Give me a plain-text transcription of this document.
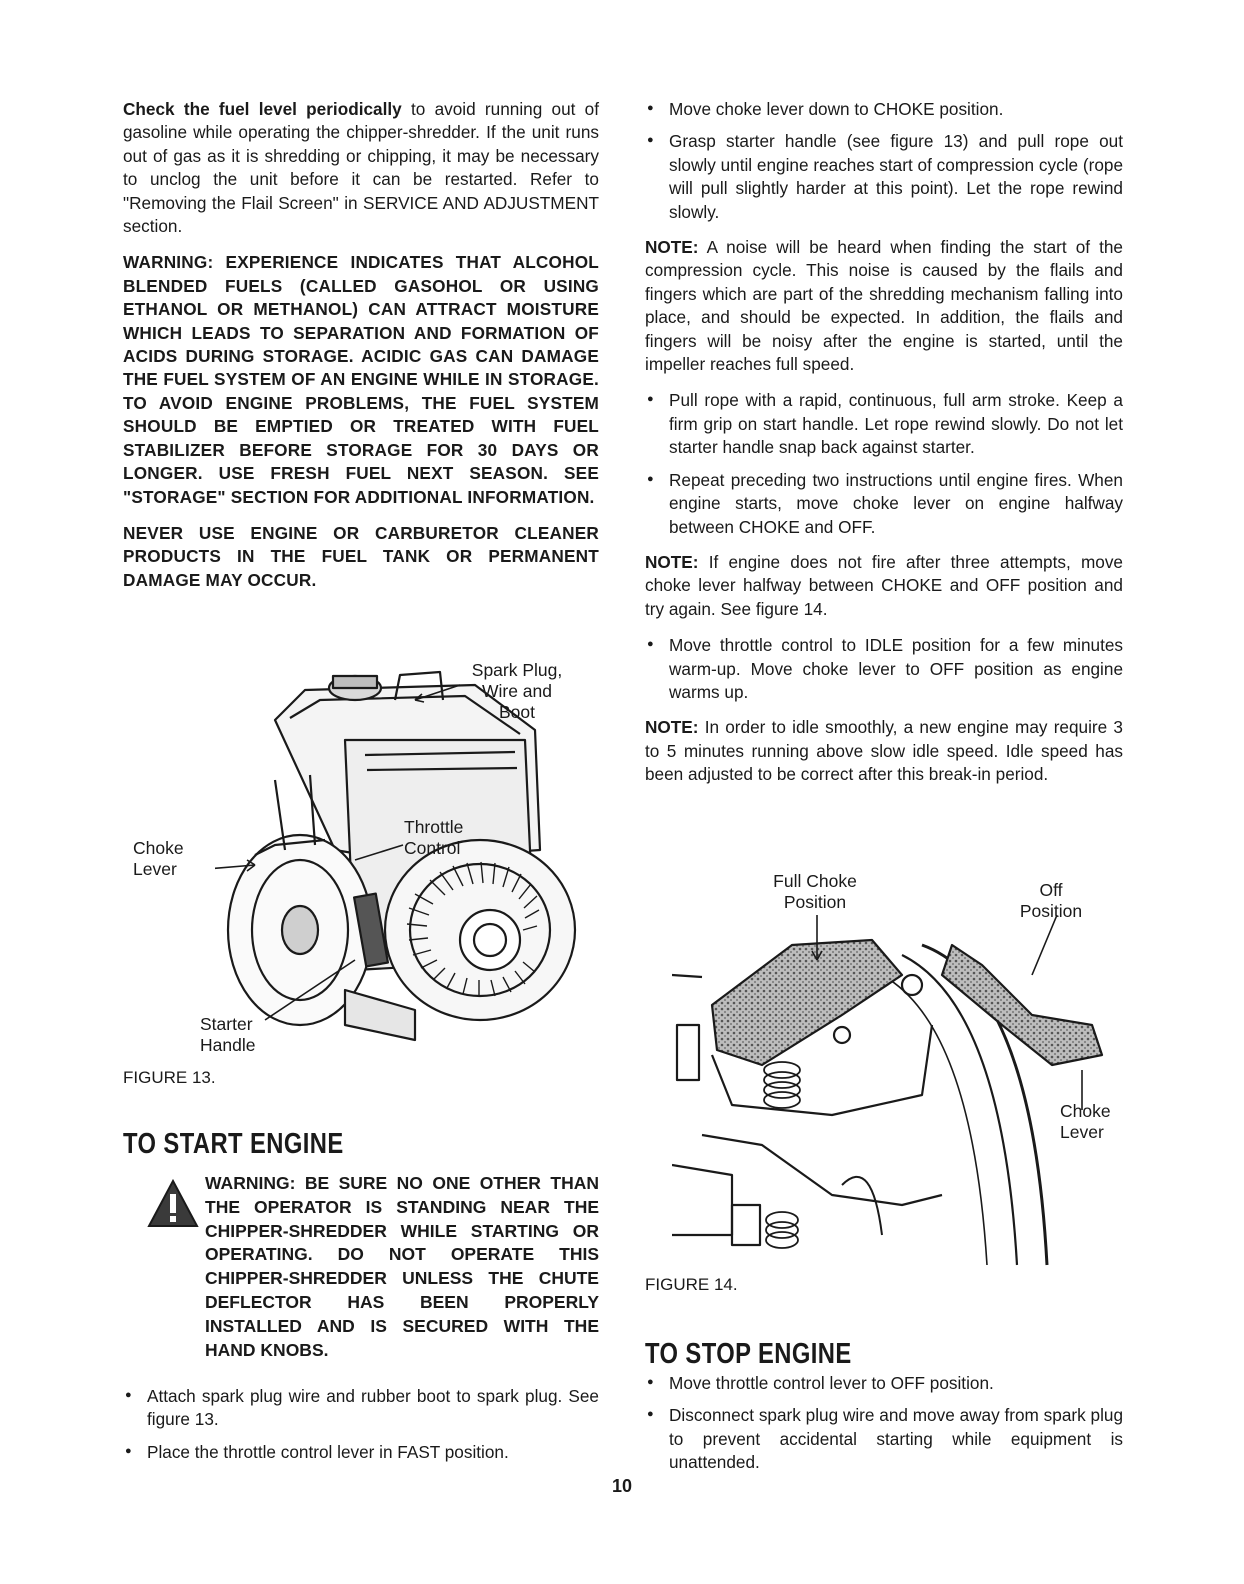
Check the fuel level periodically to avoid running out of gasoline while operating the chipper-shredder. If the unit runs out of gas as it is shredding or chipping, it may be necessary to unclog the unit before it can be restarted. Refer to "Removing the Flail Screen" in SERVICE AND ADJUSTMENT section.

WARNING: EXPERIENCE INDICATES THAT ALCOHOL BLENDED FUELS (CALLED GASOHOL OR USING ETHANOL OR METHANOL) CAN ATTRACT MOISTURE WHICH LEADS TO SEPARATION AND FORMATION OF ACIDS DURING STORAGE. ACIDIC GAS CAN DAMAGE THE FUEL SYSTEM OF AN ENGINE WHILE IN STORAGE. TO AVOID ENGINE PROBLEMS, THE FUEL SYSTEM SHOULD BE EMPTIED OR TREATED WITH FUEL STABILIZER BEFORE STORAGE FOR 30 DAYS OR LONGER. USE FRESH FUEL NEXT SEASON. SEE "STORAGE" SECTION FOR ADDITIONAL INFORMATION.

NEVER USE ENGINE OR CARBURETOR CLEANER PRODUCTS IN THE FUEL TANK OR PERMANENT DAMAGE MAY OCCUR.

Spark Plug,
Wire and
Boot
Throttle
Control
Choke
Lever
Starter
Handle
FIGURE 13.
TO START ENGINE
WARNING: BE SURE NO ONE OTHER THAN THE OPERATOR IS STANDING NEAR THE CHIPPER-SHREDDER WHILE STARTING OR OPERATING. DO NOT OPERATE THIS CHIPPER-SHREDDER UNLESS THE CHUTE DEFLECTOR HAS BEEN PROPERLY INSTALLED AND IS SECURED WITH THE HAND KNOBS.
● Attach spark plug wire and rubber boot to spark plug. See figure 13.
● Place the throttle control lever in FAST position.
● Move choke lever down to CHOKE position.
● Grasp starter handle (see figure 13) and pull rope out slowly until engine reaches start of compression cycle (rope will pull slightly harder at this point). Let the rope rewind slowly.

NOTE: A noise will be heard when finding the start of the compression cycle. This noise is caused by the flails and fingers which are part of the shredding mechanism falling into place, and should be expected. In addition, the flails and fingers will be noisy after the engine is started, until the impeller reaches full speed.

● Pull rope with a rapid, continuous, full arm stroke. Keep a firm grip on start handle. Let rope rewind slowly. Do not let starter handle snap back against starter.
● Repeat preceding two instructions until engine fires. When engine starts, move choke lever on engine halfway between CHOKE and OFF.

NOTE: If engine does not fire after three attempts, move choke lever halfway between CHOKE and OFF position and try again. See figure 14.

● Move throttle control to IDLE position for a few minutes warm-up. Move choke lever to OFF position as engine warms up.

NOTE: In order to idle smoothly, a new engine may require 3 to 5 minutes running above slow idle speed. Idle speed has been adjusted to be correct after this break-in period.

Full Choke
Position
Off
Position
Choke
Lever
FIGURE 14.
TO STOP ENGINE
● Move throttle control lever to OFF position.
● Disconnect spark plug wire and move away from spark plug to prevent accidental starting while equipment is unattended.
10
